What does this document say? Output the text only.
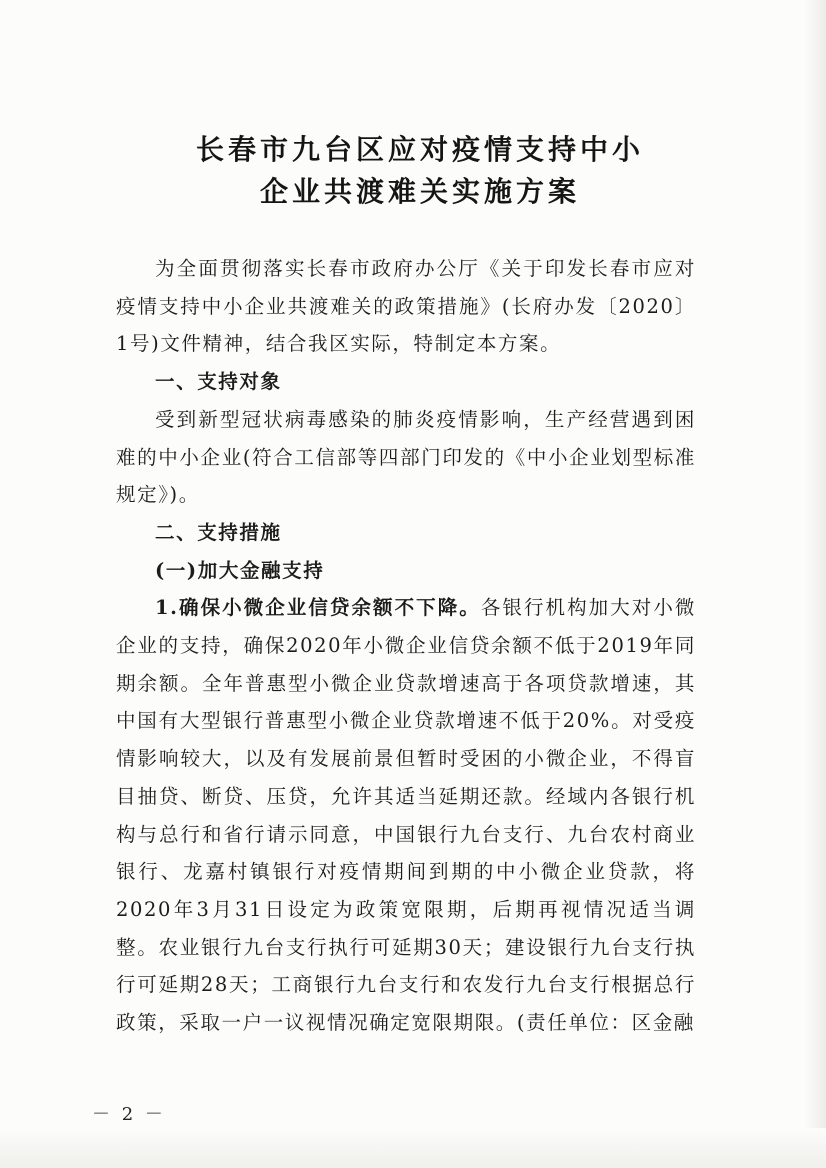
长春市九台区应对疫情支持中小
企业共渡难关实施方案

为全面贯彻落实长春市政府办公厅《关于印发长春市应对疫情支持中小企业共渡难关的政策措施》(长府办发〔2020〕1号)文件精神，结合我区实际，特制定本方案。

一、支持对象

受到新型冠状病毒感染的肺炎疫情影响，生产经营遇到困难的中小企业(符合工信部等四部门印发的《中小企业划型标准规定》)。

二、支持措施

(一)加大金融支持

1.确保小微企业信贷余额不下降。各银行机构加大对小微企业的支持，确保2020年小微企业信贷余额不低于2019年同期余额。全年普惠型小微企业贷款增速高于各项贷款增速，其中国有大型银行普惠型小微企业贷款增速不低于20%。对受疫情影响较大，以及有发展前景但暂时受困的小微企业，不得盲目抽贷、断贷、压贷，允许其适当延期还款。经域内各银行机构与总行和省行请示同意，中国银行九台支行、九台农村商业银行、龙嘉村镇银行对疫情期间到期的中小微企业贷款，将2020年3月31日设定为政策宽限期，后期再视情况适当调整。农业银行九台支行执行可延期30天；建设银行九台支行执行可延期28天；工商银行九台支行和农发行九台支行根据总行政策，采取一户一议视情况确定宽限期限。(责任单位：区金融

－ 2 －
